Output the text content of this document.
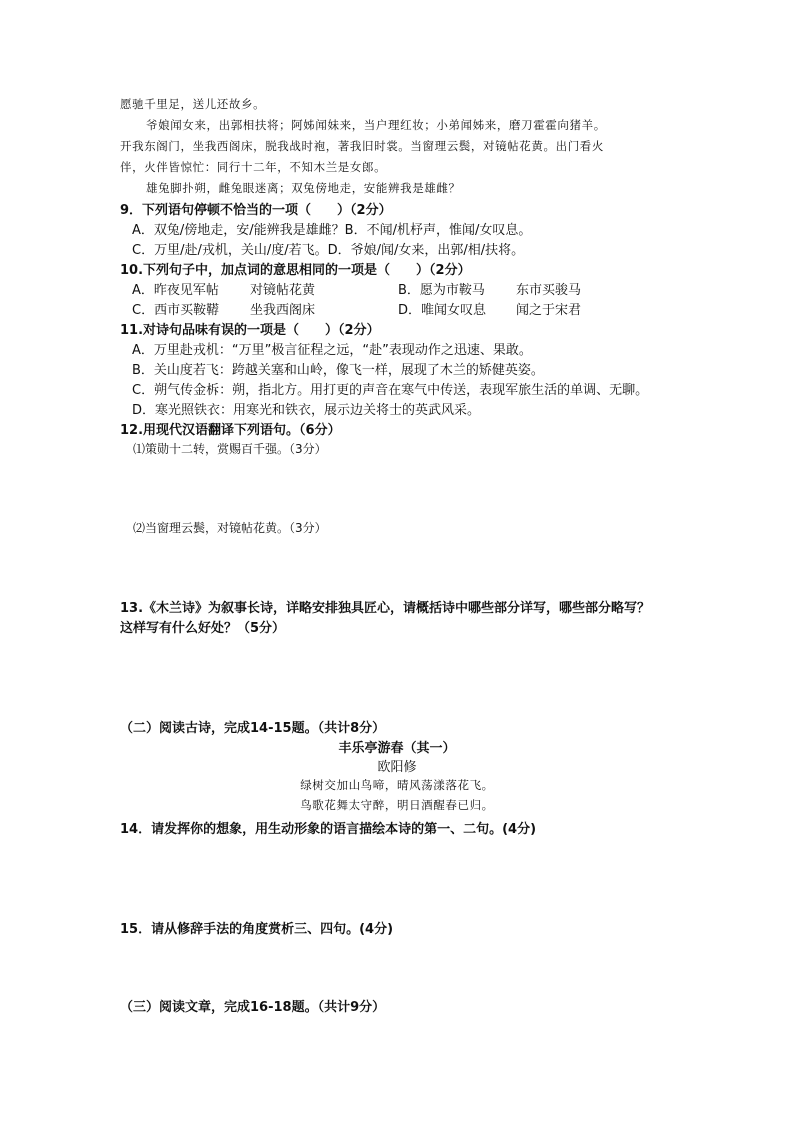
愿驰千里足，送儿还故乡。
爷娘闻女来，出郭相扶将；阿姊闻妹来，当户理红妆；小弟闻姊来，磨刀霍霍向猪羊。
开我东阁门，坐我西阁床，脱我战时袍，著我旧时裳。当窗理云鬓，对镜帖花黄。出门看火
伴，火伴皆惊忙：同行十二年，不知木兰是女郎。
雄兔脚扑朔，雌兔眼迷离；双兔傍地走，安能辨我是雄雌？
9．下列语句停顿不恰当的一项（　　）（2分）
A．双兔/傍地走，安/能辨我是雄雌？B．不闻/机杼声，惟闻/女叹息。
C．万里/赴/戎机，关山/度/若飞。D．爷娘/闻/女来，出郭/相/扶将。
10.下列句子中，加点词的意思相同的一项是（　　）（2分）
A．昨夜见军帖 对镜帖花黄	B．愿为市鞍马 东市买骏马
C．西市买鞍鞯 坐我西阁床	D．唯闻女叹息 闻之于宋君
11.对诗句品味有误的一项是（　　）（2分）
A．万里赴戎机：“万里”极言征程之远，“赴”表现动作之迅速、果敢。
B．关山度若飞：跨越关塞和山岭，像飞一样，展现了木兰的矫健英姿。
C．朔气传金柝：朔，指北方。用打更的声音在寒气中传送，表现军旅生活的单调、无聊。
D．寒光照铁衣：用寒光和铁衣，展示边关将士的英武风采。
12.用现代汉语翻译下列语句。（6分）
⑴策勋十二转，赏赐百千强。（3分）
⑵当窗理云鬓，对镜帖花黄。（3分）
13.《木兰诗》为叙事长诗，详略安排独具匠心，请概括诗中哪些部分详写，哪些部分略写？
这样写有什么好处？（5分）
（二）阅读古诗，完成14-15题。（共计8分）
丰乐亭游春（其一）
欧阳修
绿树交加山鸟啼，晴风荡漾落花飞。
鸟歌花舞太守醉，明日酒醒春已归。
14．请发挥你的想象，用生动形象的语言描绘本诗的第一、二句。(4分)
15．请从修辞手法的角度赏析三、四句。(4分)
（三）阅读文章，完成16-18题。（共计9分）
